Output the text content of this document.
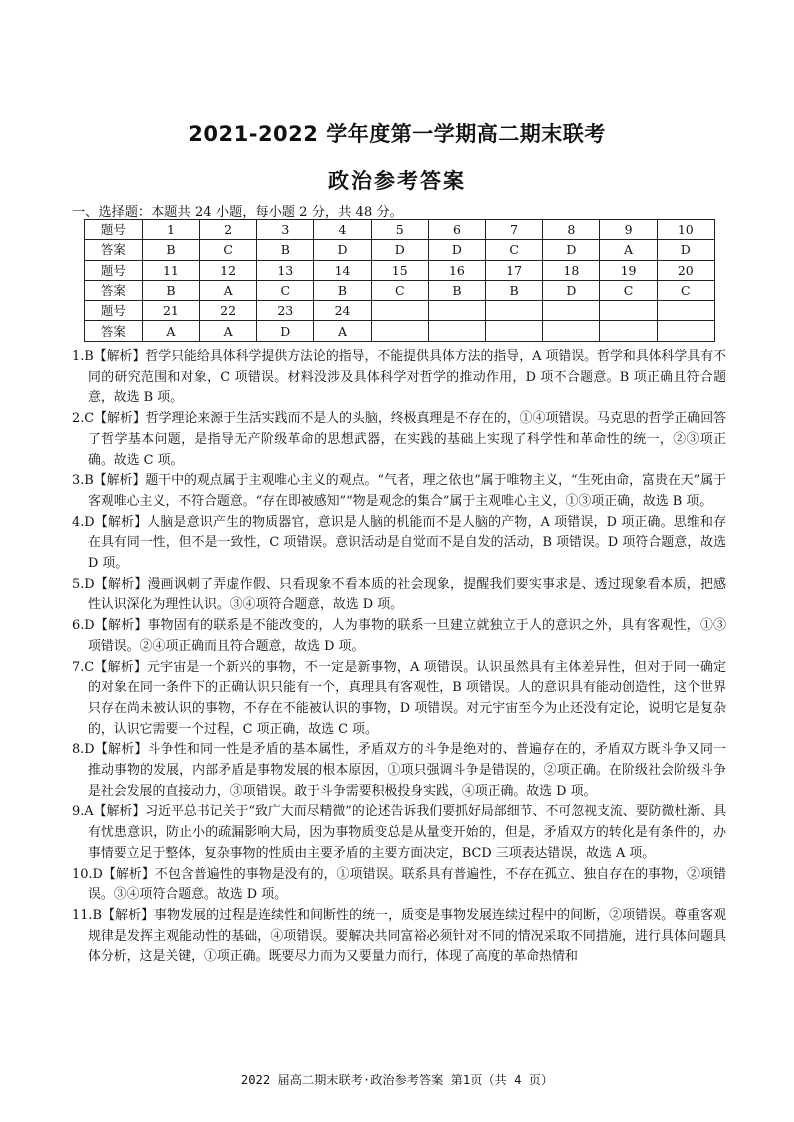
2021-2022 学年度第一学期高二期末联考
政治参考答案
一、选择题：本题共 24 小题，每小题 2 分，共 48 分。
题号	1	2	3	4	5	6	7	8	9	10
答案	B	C	B	D	D	D	C	D	A	D
题号	11	12	13	14	15	16	17	18	19	20
答案	B	A	C	B	C	B	B	D	C	C
题号	21	22	23	24						
答案	A	A	D	A						
1.B【解析】哲学只能给具体科学提供方法论的指导，不能提供具体方法的指导，A 项错误。哲学和具体科学具有不同的研究范围和对象，C 项错误。材料没涉及具体科学对哲学的推动作用，D 项不合题意。B 项正确且符合题意，故选 B 项。
2.C【解析】哲学理论来源于生活实践而不是人的头脑，终极真理是不存在的，①④项错误。马克思的哲学正确回答了哲学基本问题，是指导无产阶级革命的思想武器，在实践的基础上实现了科学性和革命性的统一，②③项正确。故选 C 项。
3.B【解析】题干中的观点属于主观唯心主义的观点。“气者，理之依也”属于唯物主义，“生死由命，富贵在天”属于客观唯心主义，不符合题意。“存在即被感知”“物是观念的集合”属于主观唯心主义，①③项正确，故选 B 项。
4.D【解析】人脑是意识产生的物质器官，意识是人脑的机能而不是人脑的产物，A 项错误，D 项正确。思维和存在具有同一性，但不是一致性，C 项错误。意识活动是自觉而不是自发的活动，B 项错误。D 项符合题意，故选 D 项。
5.D【解析】漫画讽刺了弄虚作假、只看现象不看本质的社会现象，提醒我们要实事求是、透过现象看本质，把感性认识深化为理性认识。③④项符合题意，故选 D 项。
6.D【解析】事物固有的联系是不能改变的，人为事物的联系一旦建立就独立于人的意识之外，具有客观性，①③项错误。②④项正确而且符合题意，故选 D 项。
7.C【解析】元宇宙是一个新兴的事物，不一定是新事物，A 项错误。认识虽然具有主体差异性，但对于同一确定的对象在同一条件下的正确认识只能有一个，真理具有客观性，B 项错误。人的意识具有能动创造性，这个世界只存在尚未被认识的事物，不存在不能被认识的事物，D 项错误。对元宇宙至今为止还没有定论，说明它是复杂的，认识它需要一个过程，C 项正确，故选 C 项。
8.D【解析】斗争性和同一性是矛盾的基本属性，矛盾双方的斗争是绝对的、普遍存在的，矛盾双方既斗争又同一推动事物的发展，内部矛盾是事物发展的根本原因，①项只强调斗争是错误的，②项正确。在阶级社会阶级斗争是社会发展的直接动力，③项错误。敢于斗争需要积极投身实践，④项正确。故选 D 项。
9.A【解析】习近平总书记关于“致广大而尽精微”的论述告诉我们要抓好局部细节、不可忽视支流、要防微杜渐、具有忧患意识，防止小的疏漏影响大局，因为事物质变总是从量变开始的，但是，矛盾双方的转化是有条件的，办事情要立足于整体，复杂事物的性质由主要矛盾的主要方面决定，BCD 三项表达错误，故选 A 项。
10.D【解析】不包含普遍性的事物是没有的，①项错误。联系具有普遍性，不存在孤立、独自存在的事物，②项错误。③④项符合题意。故选 D 项。
11.B【解析】事物发展的过程是连续性和间断性的统一，质变是事物发展连续过程中的间断，②项错误。尊重客观规律是发挥主观能动性的基础，④项错误。要解决共同富裕必须针对不同的情况采取不同措施，进行具体问题具体分析，这是关键，①项正确。既要尽力而为又要量力而行，体现了高度的革命热情和
2022 届高二期末联考·政治参考答案 第1页（共 4 页）
